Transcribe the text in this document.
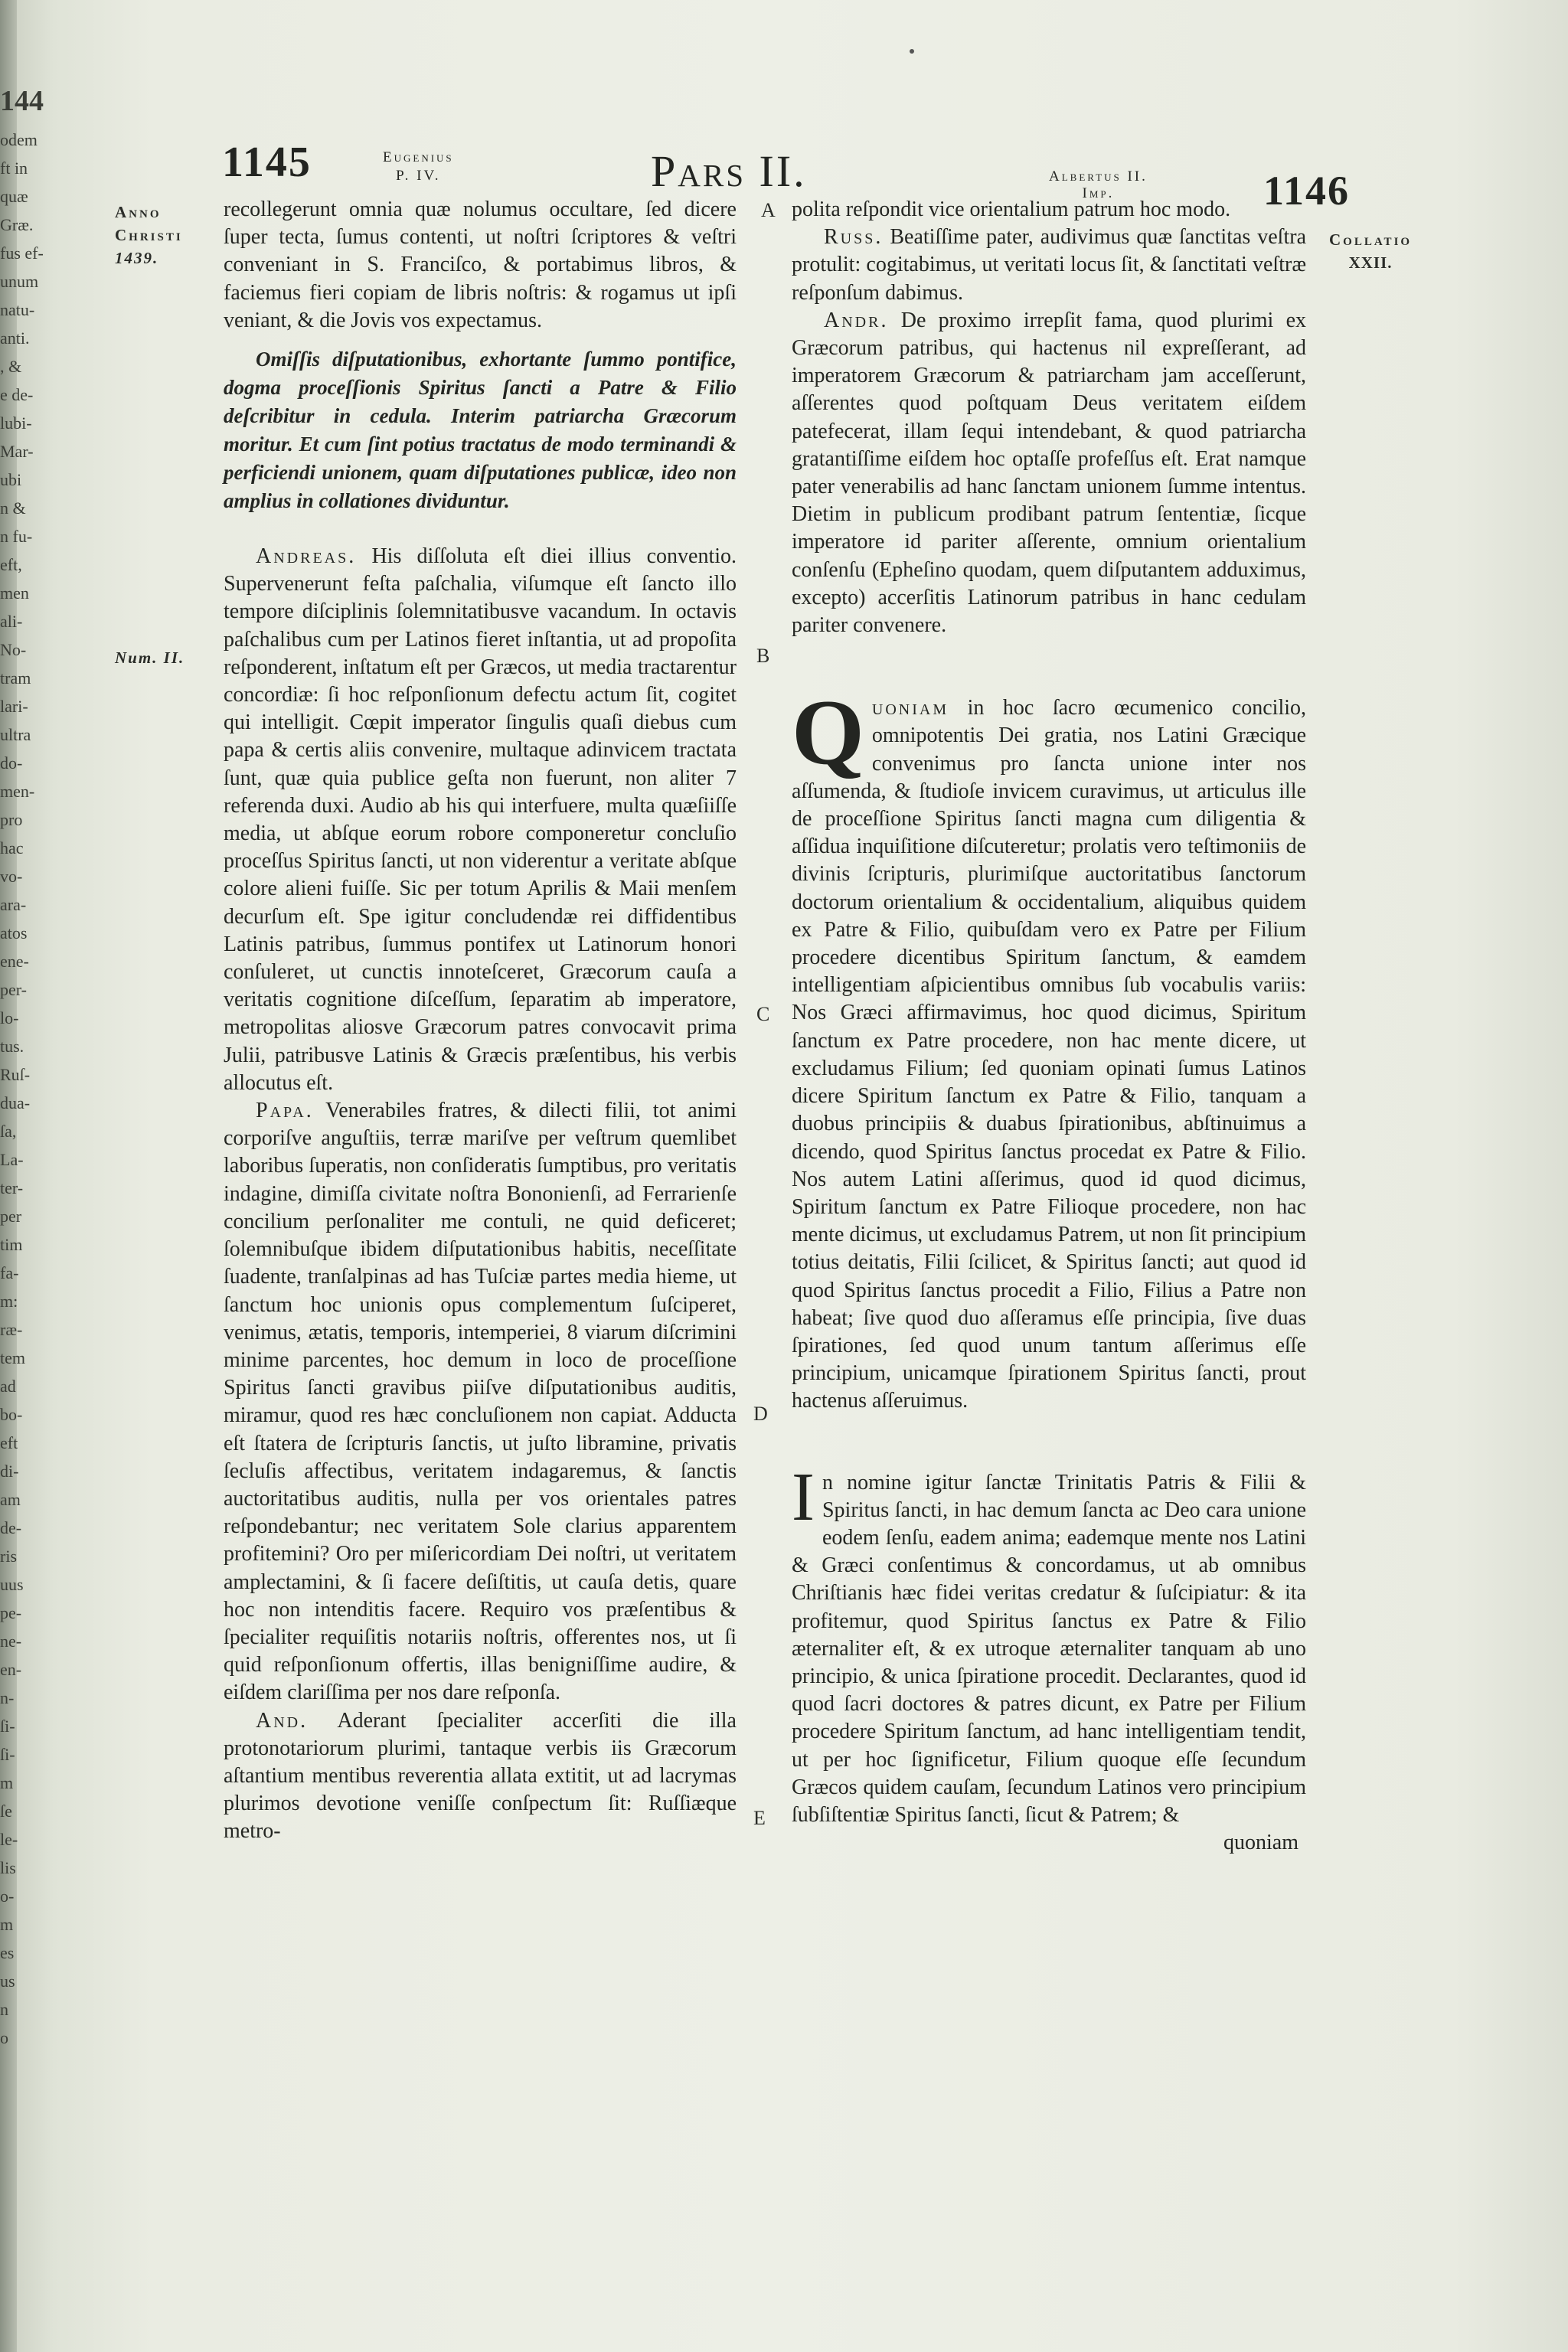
144
odem
ft in
quæ
Græ.
fus ef-
unum
natu-
anti.
, &
e de-
lubi-
Mar-
ubi
n &
n fu-
eft,
men
ali-
No-
tram
lari-
ultra
do-
men-
pro
hac
vo-
ara-
atos
ene-
per-
lo-
tus.
Ruſ-
dua-
ſa,
La-
ter-
per
tim
fa-
m:
ræ-
tem
ad
bo-
eft
di-
am
de-
ris
uus
pe-
ne-
en-
n-
ſi-
ſi-
m
ſe
le-
lis
o-
m
es
us
n
o
1145	Eugenius
P. IV.	Pars II.	Albertus II.
Imp.	1146
Anno
Christi
1439.
Num. II.
Collatio
XXII.
A
B
C
D
E

recollegerunt omnia quæ nolumus occultare, ſed dicere ſuper tecta, ſumus contenti, ut noſtri ſcriptores & veſtri conveniant in S. Franciſco, & portabimus libros, & faciemus fieri copiam de libris noſtris: & rogamus ut ipſi veniant, & die Jovis vos expectamus.

Omiſſis diſputationibus, exhortante ſummo pontifice, dogma proceſſionis Spiritus ſancti a Patre & Filio deſcribitur in cedula. Interim patriarcha Græcorum moritur. Et cum ſint potius tractatus de modo terminandi & perficiendi unionem, quam diſputationes publicæ, ideo non amplius in collationes dividuntur.

Andreas. His diſſoluta eſt diei illius conventio. Supervenerunt feſta paſchalia, viſumque eſt ſancto illo tempore diſciplinis ſolemnitatibusve vacandum. In octavis paſchalibus cum per Latinos fieret inſtantia, ut ad propoſita reſponderent, inſtatum eſt per Græcos, ut media tractarentur concordiæ: ſi hoc reſponſionum defectu actum ſit, cogitet qui intelligit. Cœpit imperator ſingulis quaſi diebus cum papa & certis aliis convenire, multaque adinvicem tractata ſunt, quæ quia publice geſta non fuerunt, non aliter 7 referenda duxi. Audio ab his qui interfuere, multa quæſiiſſe media, ut abſque eorum robore componeretur concluſio proceſſus Spiritus ſancti, ut non viderentur a veritate abſque colore alieni fuiſſe. Sic per totum Aprilis & Maii menſem decurſum eſt. Spe igitur concludendæ rei diffidentibus Latinis patribus, ſummus pontifex ut Latinorum honori conſuleret, ut cunctis innoteſceret, Græcorum cauſa a veritatis cognitione diſceſſum, ſeparatim ab imperatore, metropolitas aliosve Græcorum patres convocavit prima Julii, patribusve Latinis & Græcis præſentibus, his verbis allocutus eſt.

Papa. Venerabiles fratres, & dilecti filii, tot animi corporiſve anguſtiis, terræ mariſve per veſtrum quemlibet laboribus ſuperatis, non conſideratis ſumptibus, pro veritatis indagine, dimiſſa civitate noſtra Bononienſi, ad Ferrarienſe concilium perſonaliter me contuli, ne quid deficeret; ſolemnibuſque ibidem diſputationibus habitis, neceſſitate ſuadente, tranſalpinas ad has Tuſciæ partes media hieme, ut ſanctum hoc unionis opus complementum ſuſciperet, venimus, ætatis, temporis, intemperiei, 8 viarum diſcrimini minime parcentes, hoc demum in loco de proceſſione Spiritus ſancti gravibus piiſve diſputationibus auditis, miramur, quod res hæc concluſionem non capiat. Adducta eſt ſtatera de ſcripturis ſanctis, ut juſto libramine, privatis ſecluſis affectibus, veritatem indagaremus, & ſanctis auctoritatibus auditis, nulla per vos orientales patres reſpondebantur; nec veritatem Sole clarius apparentem profitemini? Oro per miſericordiam Dei noſtri, ut veritatem amplectamini, & ſi facere deſiſtitis, ut cauſa detis, quare hoc non intenditis facere. Requiro vos præſentibus & ſpecialiter requiſitis notariis noſtris, offerentes nos, ut ſi quid reſponſionum offertis, illas benigniſſime audire, & eiſdem clariſſima per nos dare reſponſa.

And. Aderant ſpecialiter accerſiti die illa protonotariorum plurimi, tantaque verbis iis Græcorum aſtantium mentibus reverentia allata extitit, ut ad lacrymas plurimos devotione veniſſe conſpectum ſit: Ruſſiæque metro-

polita reſpondit vice orientalium patrum hoc modo.

Russ. Beatiſſime pater, audivimus quæ ſanctitas veſtra protulit: cogitabimus, ut veritati locus ſit, & ſanctitati veſtræ reſponſum dabimus.

Andr. De proximo irrepſit fama, quod plurimi ex Græcorum patribus, qui hactenus nil expreſſerant, ad imperatorem Græcorum & patriarcham jam acceſſerunt, aſſerentes quod poſtquam Deus veritatem eiſdem patefecerat, illam ſequi intendebant, & quod patriarcha gratantiſſime eiſdem hoc optaſſe profeſſus eſt. Erat namque pater venerabilis ad hanc ſanctam unionem ſumme intentus. Dietim in publicum prodibant patrum ſententiæ, ſicque imperatore id pariter aſſerente, omnium orientalium conſenſu (Epheſino quodam, quem diſputantem adduximus, excepto) accerſitis Latinorum patribus in hanc cedulam pariter convenere.

Quoniam in hoc ſacro œcumenico concilio, omnipotentis Dei gratia, nos Latini Græcique convenimus pro ſancta unione inter nos aſſumenda, & ſtudioſe invicem curavimus, ut articulus ille de proceſſione Spiritus ſancti magna cum diligentia & aſſidua inquiſitione diſcuteretur; prolatis vero teſtimoniis de divinis ſcripturis, plurimiſque auctoritatibus ſanctorum doctorum orientalium & occidentalium, aliquibus quidem ex Patre & Filio, quibuſdam vero ex Patre per Filium procedere dicentibus Spiritum ſanctum, & eamdem intelligentiam aſpicientibus omnibus ſub vocabulis variis: Nos Græci affirmavimus, hoc quod dicimus, Spiritum ſanctum ex Patre procedere, non hac mente dicere, ut excludamus Filium; ſed quoniam opinati ſumus Latinos dicere Spiritum ſanctum ex Patre & Filio, tanquam a duobus principiis & duabus ſpirationibus, abſtinuimus a dicendo, quod Spiritus ſanctus procedat ex Patre & Filio. Nos autem Latini aſſerimus, quod id quod dicimus, Spiritum ſanctum ex Patre Filioque procedere, non hac mente dicimus, ut excludamus Patrem, ut non ſit principium totius deitatis, Filii ſcilicet, & Spiritus ſancti; aut quod id quod Spiritus ſanctus procedit a Filio, Filius a Patre non habeat; ſive quod duo aſſeramus eſſe principia, ſive duas ſpirationes, ſed quod unum tantum aſſerimus eſſe principium, unicamque ſpirationem Spiritus ſancti, prout hactenus aſſeruimus.

In nomine igitur ſanctæ Trinitatis Patris & Filii & Spiritus ſancti, in hac demum ſancta ac Deo cara unione eodem ſenſu, eadem anima; eademque mente nos Latini & Græci conſentimus & concordamus, ut ab omnibus Chriſtianis hæc fidei veritas credatur & ſuſcipiatur: & ita profitemur, quod Spiritus ſanctus ex Patre & Filio æternaliter eſt, & ex utroque æternaliter tanquam ab uno principio, & unica ſpiratione procedit. Declarantes, quod id quod ſacri doctores & patres dicunt, ex Patre per Filium procedere Spiritum ſanctum, ad hanc intelligentiam tendit, ut per hoc ſignificetur, Filium quoque eſſe ſecundum Græcos quidem cauſam, ſecundum Latinos vero principium ſubſiſtentiæ Spiritus ſancti, ſicut & Patrem; &

quoniam
